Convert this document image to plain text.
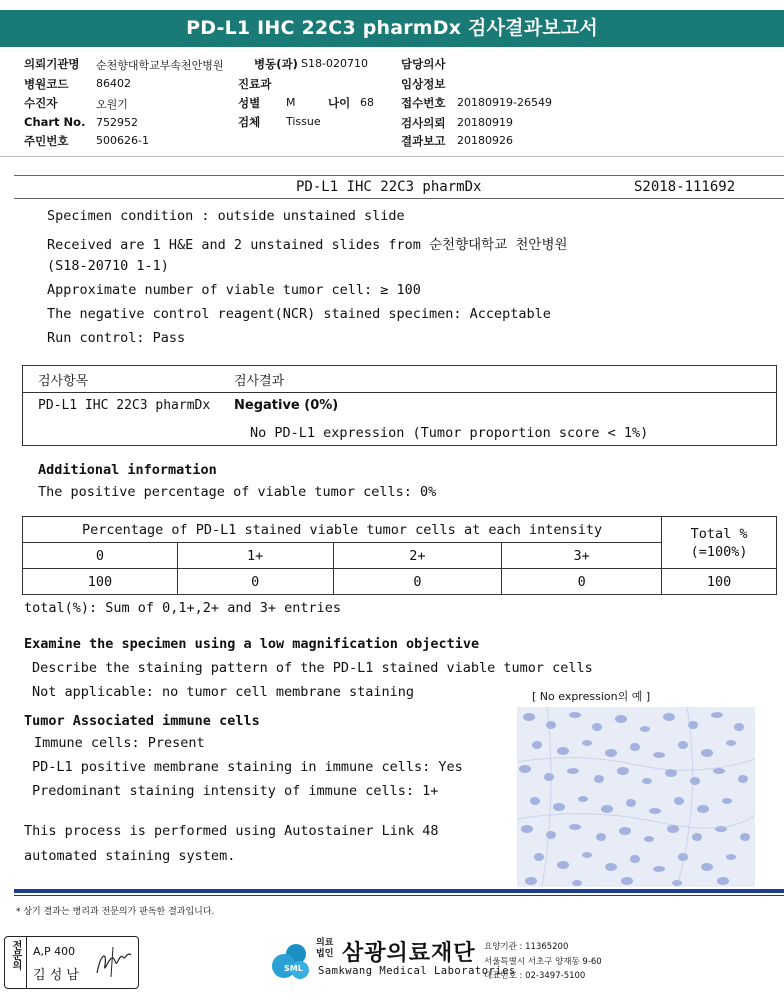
PD-L1 IHC 22C3 pharmDx 검사결과보고서
의뢰기관명 순천향대학교부속천안병원	병동(과) S18-020710	담당의사
병원코드	86402	진료과	임상정보
수진자	오원기	성별 M	나이 68 접수번호 20180919-26549
Chart No. 752952	검체 Tissue	검사의뢰 20180919
주민번호	500626-1	결과보고 20180926
PD-L1 IHC 22C3 pharmDx	S2018-111692
Specimen condition : outside unstained slide
Received are 1 H&E and 2 unstained slides from 순천향대학교 천안병원
(S18-20710 1-1)
Approximate number of viable tumor cell: ≥ 100
The negative control reagent(NCR) stained specimen: Acceptable
Run control: Pass
검사항목	검사결과
PD-L1 IHC 22C3 pharmDx Negative (0%)
No PD-L1 expression (Tumor proportion score < 1%)
Additional information
The positive percentage of viable tumor cells: 0%
Percentage of PD-L1 stained viable tumor cells at each intensity				Total %
(=100%)

0	1+	2+	3+	
100	0	0	0	100
total(%): Sum of 0,1+,2+ and 3+ entries
Examine the specimen using a low magnification objective
Describe the staining pattern of the PD-L1 stained viable tumor cells
Not applicable: no tumor cell membrane staining	[ No expression의 예 ]
Tumor Associated immune cells
Immune cells: Present
PD-L1 positive membrane staining in immune cells: Yes
Predominant staining intensity of immune cells: 1+
This process is performed using Autostainer Link 48
automated staining system.
* 상기 결과는 병리과 전문의가 판독한 결과입니다.
전문의	A,P 400
김 성 남	SML
의료
법인 삼광의료재단
Samkwang Medical Laboratories
요양기관 : 11365200
서울특별시 서초구 양재동 9-60
대표번호 : 02-3497-5100
